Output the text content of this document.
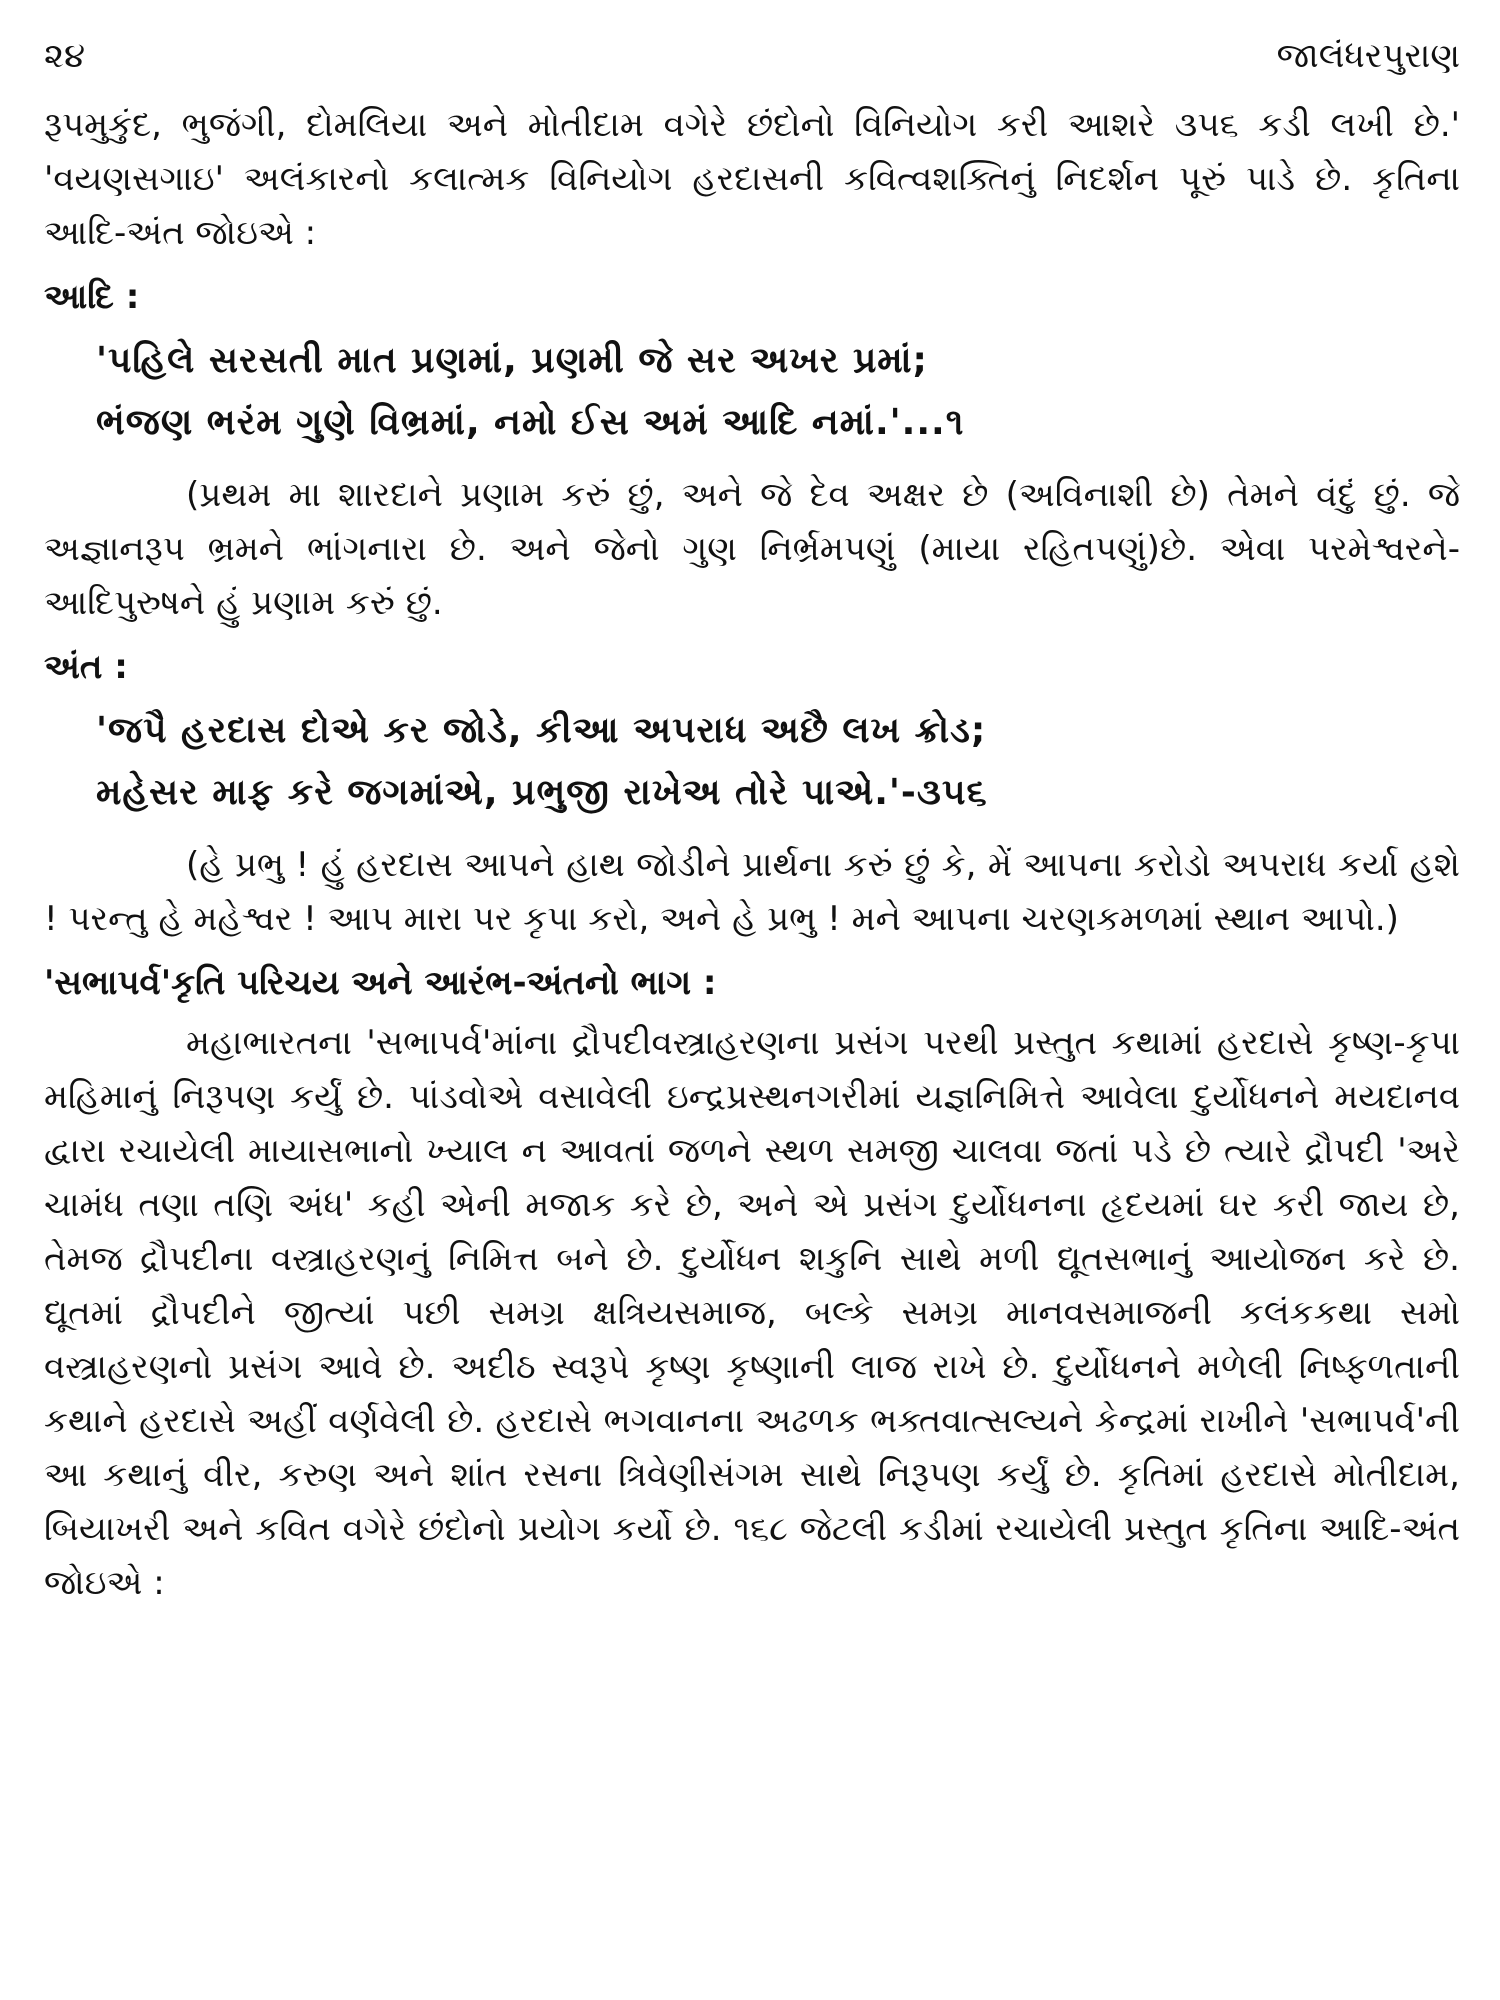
૨૪	જાલંધરપુરાણ

રૂપમુકુંદ, ભુજંગી, દોમલિયા અને મોતીદામ વગેરે છંદોનો વિનિયોગ કરી આશરે ૩૫૬ કડી લખી છે.' 'વયણસગાઇ' અલંકારનો કલાત્મક વિનિયોગ હરદાસની કવિત્વશક્તિનું નિદર્શન પૂરું પાડે છે. કૃતિના આદિ-અંત જોઇએ :

આદિ :
'પહિલે સરસતી માત પ્રણમાં, પ્રણમી જે સર અખર પ્રમાં;
ભંજણ ભરંમ ગુણે વિભ્રમાં, નમો ઈસ અમં આદિ નમાં.'...૧

(પ્રથમ મા શારદાને પ્રણામ કરું છું, અને જે દેવ અક્ષર છે (અવિનાશી છે) તેમને વંદું છું. જે અજ્ઞાનરૂપ ભ્રમને ભાંગનારા છે. અને જેનો ગુણ નિર્ભ્રમપણું (માયા રહિતપણું)છે. એવા પરમેશ્વરને-આદિપુરુષને હું પ્રણામ કરું છું.

અંત :
'જપૈ હરદાસ દોએ કર જોડે, કીઆ અપરાધ અછૈ લખ ક્રોડ;
મહેસર માફ કરે જગમાંએ, પ્રભુજી રાખેઅ તોરે પાએ.'-૩૫૬

(હે પ્રભુ ! હું હરદાસ આપને હાથ જોડીને પ્રાર્થના કરું છું કે, મેં આપના કરોડો અપરાધ કર્યા હશે ! પરન્તુ હે મહેશ્વર ! આપ મારા પર કૃપા કરો, અને હે પ્રભુ ! મને આપના ચરણકમળમાં સ્થાન આપો.)

'સભાપર્વ'કૃતિ પરિચય અને આરંભ-અંતનો ભાગ :

મહાભારતના 'સભાપર્વ'માંના દ્રૌપદીવસ્ત્રાહરણના પ્રસંગ પરથી પ્રસ્તુત કથામાં હરદાસે કૃષ્ણ-કૃપા મહિમાનું નિરૂપણ કર્યું છે. પાંડવોએ વસાવેલી ઇન્દ્રપ્રસ્થનગરીમાં યજ્ઞનિમિત્તે આવેલા દુર્યોધનને મયદાનવ દ્વારા રચાયેલી માયાસભાનો ખ્યાલ ન આવતાં જળને સ્થળ સમજી ચાલવા જતાં પડે છે ત્યારે દ્રૌપદી 'અરે ચામંધ તણા તણિ અંધ' કહી એની મજાક કરે છે, અને એ પ્રસંગ દુર્યોધનના હૃદયમાં ઘર કરી જાય છે, તેમજ દ્રૌપદીના વસ્ત્રાહરણનું નિમિત્ત બને છે. દુર્યોધન શકુનિ સાથે મળી દ્યૂતસભાનું આયોજન કરે છે. દ્યૂતમાં દ્રૌપદીને જીત્યાં પછી સમગ્ર ક્ષત્રિયસમાજ, બલ્કે સમગ્ર માનવસમાજની કલંકકથા સમો વસ્ત્રાહરણનો પ્રસંગ આવે છે. અદીઠ સ્વરૂપે કૃષ્ણ કૃષ્ણાની લાજ રાખે છે. દુર્યોધનને મળેલી નિષ્ફળતાની કથાને હરદાસે અહીં વર્ણવેલી છે. હરદાસે ભગવાનના અઢળક ભક્તવાત્સલ્યને કેન્દ્રમાં રાખીને 'સભાપર્વ'ની આ કથાનું વીર, કરુણ અને શાંત રસના ત્રિવેણીસંગમ સાથે નિરૂપણ કર્યું છે. કૃતિમાં હરદાસે મોતીદામ, બિયાખરી અને કવિત વગેરે છંદોનો પ્રયોગ કર્યો છે. ૧૬૮ જેટલી કડીમાં રચાયેલી પ્રસ્તુત કૃતિના આદિ-અંત જોઇએ :
